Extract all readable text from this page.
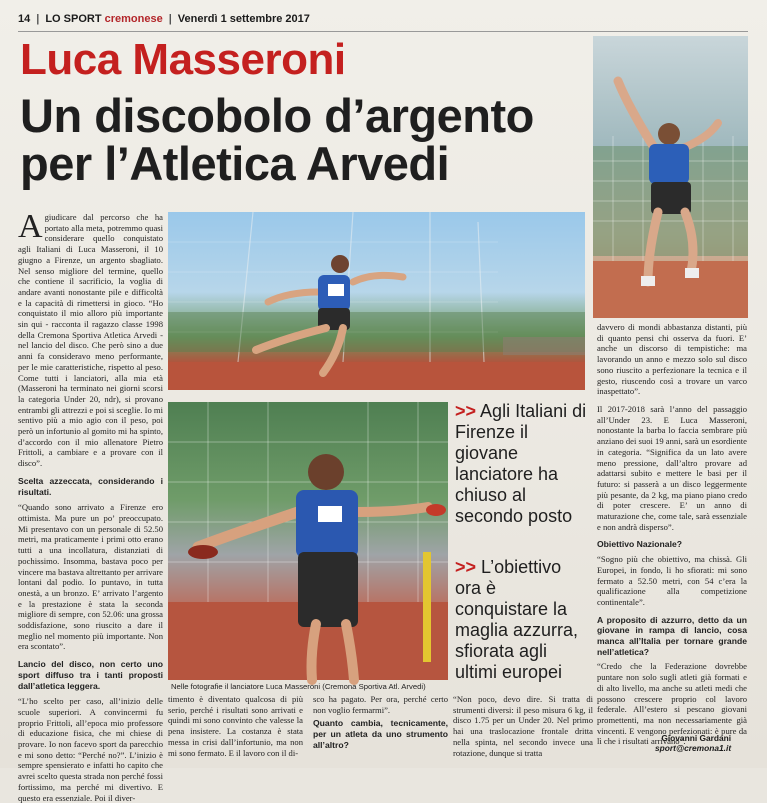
14 | LO SPORT cremonese | Venerdì 1 settembre 2017
Luca Masseroni
Un discobolo d’argento
per l’Atletica Arvedi

Agiudicare dal percorso che ha portato alla meta, potremmo quasi considerare quello conquistato agli Italiani di Luca Masseroni, il 10 giugno a Firenze, un argento sbagliato. Nel senso migliore del termine, quello che contiene il sacrificio, la voglia di andare avanti nonostante pile e difficoltà e la capacità di rimettersi in gioco. “Ho conquistato il mio alloro più importante sin qui - racconta il ragazzo classe 1998 della Cremona Sportiva Atletica Arvedi - nel lancio del disco. Che però sino a due anni fa consideravo meno performante, per le mie caratteristiche, rispetto al peso. Come tutti i lanciatori, alla mia età (Masseroni ha terminato nei giorni scorsi la categoria Under 20, ndr), si provano entrambi gli attrezzi e poi si sceglie. Io mi sentivo più a mio agio con il peso, poi però un infortunio al gomito mi ha spinto, d’accordo con il mio allenatore Pietro Frittoli, a cambiare e a provare con il disco”.

Scelta azzeccata, considerando i risultati.

“Quando sono arrivato a Firenze ero ottimista. Ma pure un po’ preoccupato. Mi presentavo con un personale di 52.50 metri, ma praticamente i primi otto erano tutti a una incollatura, distanziati di pochissimo. Insomma, bastava poco per vincere ma bastava altrettanto per arrivare lontani dal podio. Io puntavo, in tutta onestà, a un bronzo. E’ arrivato l’argento e la prestazione è stata la seconda migliore di sempre, con 52.06: una grossa soddisfazione, sono riuscito a dare il meglio nel momento più importante. Non era scontato”.

Lancio del disco, non certo uno sport diffuso tra i tanti proposti dall’atletica leggera.

“L’ho scelto per caso, all’inizio delle scuole superiori. A convincermi fu proprio Frittoli, all’epoca mio professore di educazione fisica, che mi chiese di provare. Io non facevo sport da parecchio e mi sono detto: “Perché no?”. L’inizio è sempre spensierato e infatti ho capito che avrei scelto questa strada non perché fossi fortissimo, ma perché mi divertivo. E questo era essenziale. Poi il diver-

>> Agli Italiani di Firenze il giovane lanciatore ha chiuso al secondo posto
>> L’obiettivo ora è conquistare la maglia azzurra, sfiorata agli ultimi europei
Nelle fotografie il lanciatore Luca Masseroni (Cremona Sportiva Atl. Arvedi)

timento è diventato qualcosa di più serio, perché i risultati sono arrivati e quindi mi sono convinto che valesse la pena insistere. La costanza è stata messa in crisi dall’infortunio, ma non mi sono fermato. E il lavoro con il di-

sco ha pagato. Per ora, perché certo non voglio fermarmi”.

Quanto cambia, tecnicamente, per un atleta da uno strumento all’altro?

“Non poco, devo dire. Si tratta di strumenti diversi: il peso misura 6 kg, il disco 1.75 per un Under 20. Nel primo hai una traslocazione frontale dritta nella spinta, nel secondo invece una rotazione, dunque si tratta

davvero di mondi abbastanza distanti, più di quanto pensi chi osserva da fuori. E’ anche un discorso di tempistiche: ma lavorando un anno e mezzo solo sul disco sono riuscito a perfezionare la tecnica e il gesto, riuscendo così a trovare un varco inaspettato”.

Il 2017-2018 sarà l’anno del passaggio all’Under 23. E Luca Masseroni, nonostante la barba lo faccia sembrare più anziano dei suoi 19 anni, sarà un esordiente in categoria. “Significa da un lato avere meno pressione, dall’altro provare ad adattarsi subito e mettere le basi per il futuro: si passerà a un disco leggermente più pesante, da 2 kg, ma piano piano credo di poter crescere. E’ un anno di maturazione che, come tale, sarà essenziale e non andrà disperso”.

Obiettivo Nazionale?

“Sogno più che obiettivo, ma chissà. Gli Europei, in fondo, li ho sfiorati: mi sono fermato a 52.50 metri, con 54 c’era la qualificazione alla competizione continentale”.

A proposito di azzurro, detto da un giovane in rampa di lancio, cosa manca all’Italia per tornare grande nell’atletica?

“Credo che la Federazione dovrebbe puntare non solo sugli atleti già formati e di alto livello, ma anche su atleti medi che possono crescere proprio col lavoro federale. All’estero si pescano giovani promettenti, ma non necessariamente già vincenti. E vengono perfezionati: è pure da lì che i risultati arrivano”.

Giovanni Gardani
sport@cremona1.it
